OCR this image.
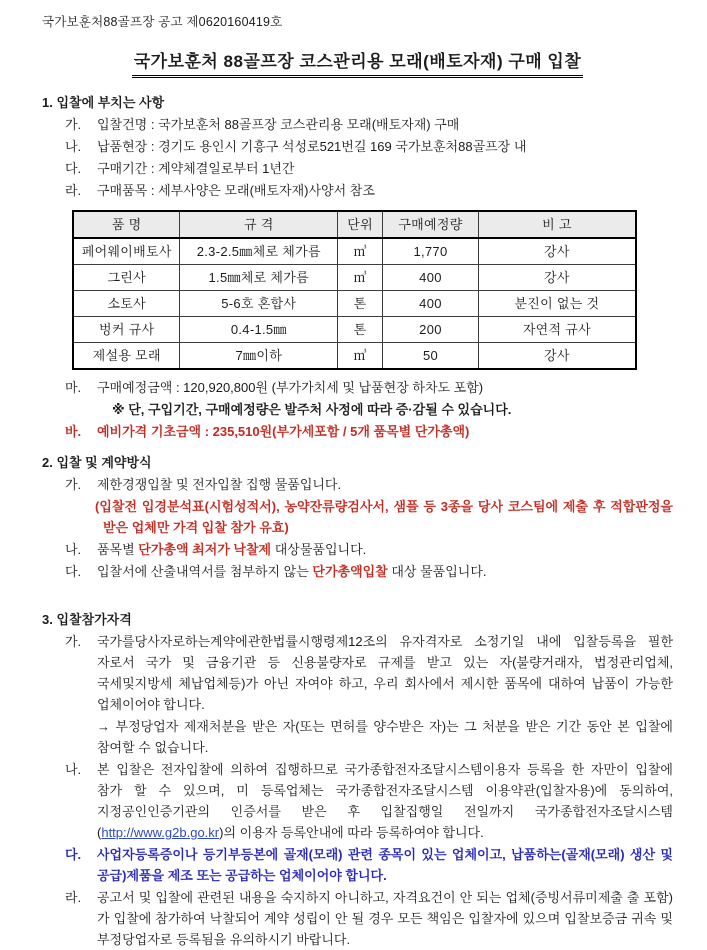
국가보훈처88골프장 공고 제0620160419호
국가보훈처 88골프장 코스관리용 모래(배토자재) 구매 입찰
1. 입찰에 부치는 사항
가. 입찰건명 : 국가보훈처 88골프장 코스관리용 모래(배토자재) 구매
나. 납품현장 : 경기도 용인시 기흥구 석성로521번길 169 국가보훈처88골프장 내
다. 구매기간 : 계약체결일로부터 1년간
라. 구매품목 : 세부사양은 모래(배토자재)사양서 참조
품 명	규 격	단위	구매예정량	비 고
페어웨이배토사	2.3-2.5㎜체로 체가름	㎥	1,770	강사
그린사	1.5㎜체로 체가름	㎥	400	강사
소토사	5-6호 혼합사	톤	400	분진이 없는 것
벙커 규사	0.4-1.5㎜	톤	200	자연적 규사
제설용 모래	7㎜이하	㎥	50	강사
마. 구매예정금액 : 120,920,800원 (부가가치세 및 납품현장 하차도 포함)
※ 단, 구입기간, 구매예정량은 발주처 사정에 따라 증·감될 수 있습니다.
바. 예비가격 기초금액 : 235,510원(부가세포함 / 5개 품목별 단가총액)
2. 입찰 및 계약방식
가. 제한경쟁입찰 및 전자입찰 집행 물품입니다.
(입찰전 입경분석표(시험성적서), 농약잔류량검사서, 샘플 등 3종을 당사 코스팀에 제출 후 적합판정을 받은 업체만 가격 입찰 참가 유효)
나. 품목별 단가총액 최저가 낙찰제 대상물품입니다.
다. 입찰서에 산출내역서를 첨부하지 않는 단가총액입찰 대상 물품입니다.
3. 입찰참가자격
가. 국가를당사자로하는계약에관한법률시행령제12조의 유자격자로 소정기일 내에 입찰등록을 필한 자로서 국가 및 금융기관 등 신용불량자로 규제를 받고 있는 자(불량거래자, 법정관리업체, 국세및지방세 체납업체등)가 아닌 자여야 하고, 우리 회사에서 제시한 품목에 대하여 납품이 가능한 업체이어야 합니다.
→ 부정당업자 제재처분을 받은 자(또는 면허를 양수받은 자)는 그 처분을 받은 기간 동안 본 입찰에 참여할 수 없습니다.
나. 본 입찰은 전자입찰에 의하여 집행하므로 국가종합전자조달시스템이용자 등록을 한 자만이 입찰에 참가 할 수 있으며, 미 등록업체는 국가종합전자조달시스템 이용약관(입찰자용)에 동의하여, 지정공인인증기관의 인증서를 받은 후 입찰집행일 전일까지 국가종합전자조달시스템(http://www.g2b.go.kr)의 이용자 등록안내에 따라 등록하여야 합니다.
다. 사업자등록증이나 등기부등본에 골재(모래) 관련 종목이 있는 업체이고, 납품하는(골재(모래) 생산 및 공급)제품을 제조 또는 공급하는 업체이어야 합니다.
라. 공고서 및 입찰에 관련된 내용을 숙지하지 아니하고, 자격요건이 안 되는 업체(증빙서류미제출 출 포함)가 입찰에 참가하여 낙찰되어 계약 성립이 안 될 경우 모든 책임은 입찰자에 있으며 입찰보증금 귀속 및 부정당업자로 등록됨을 유의하시기 바랍니다.
